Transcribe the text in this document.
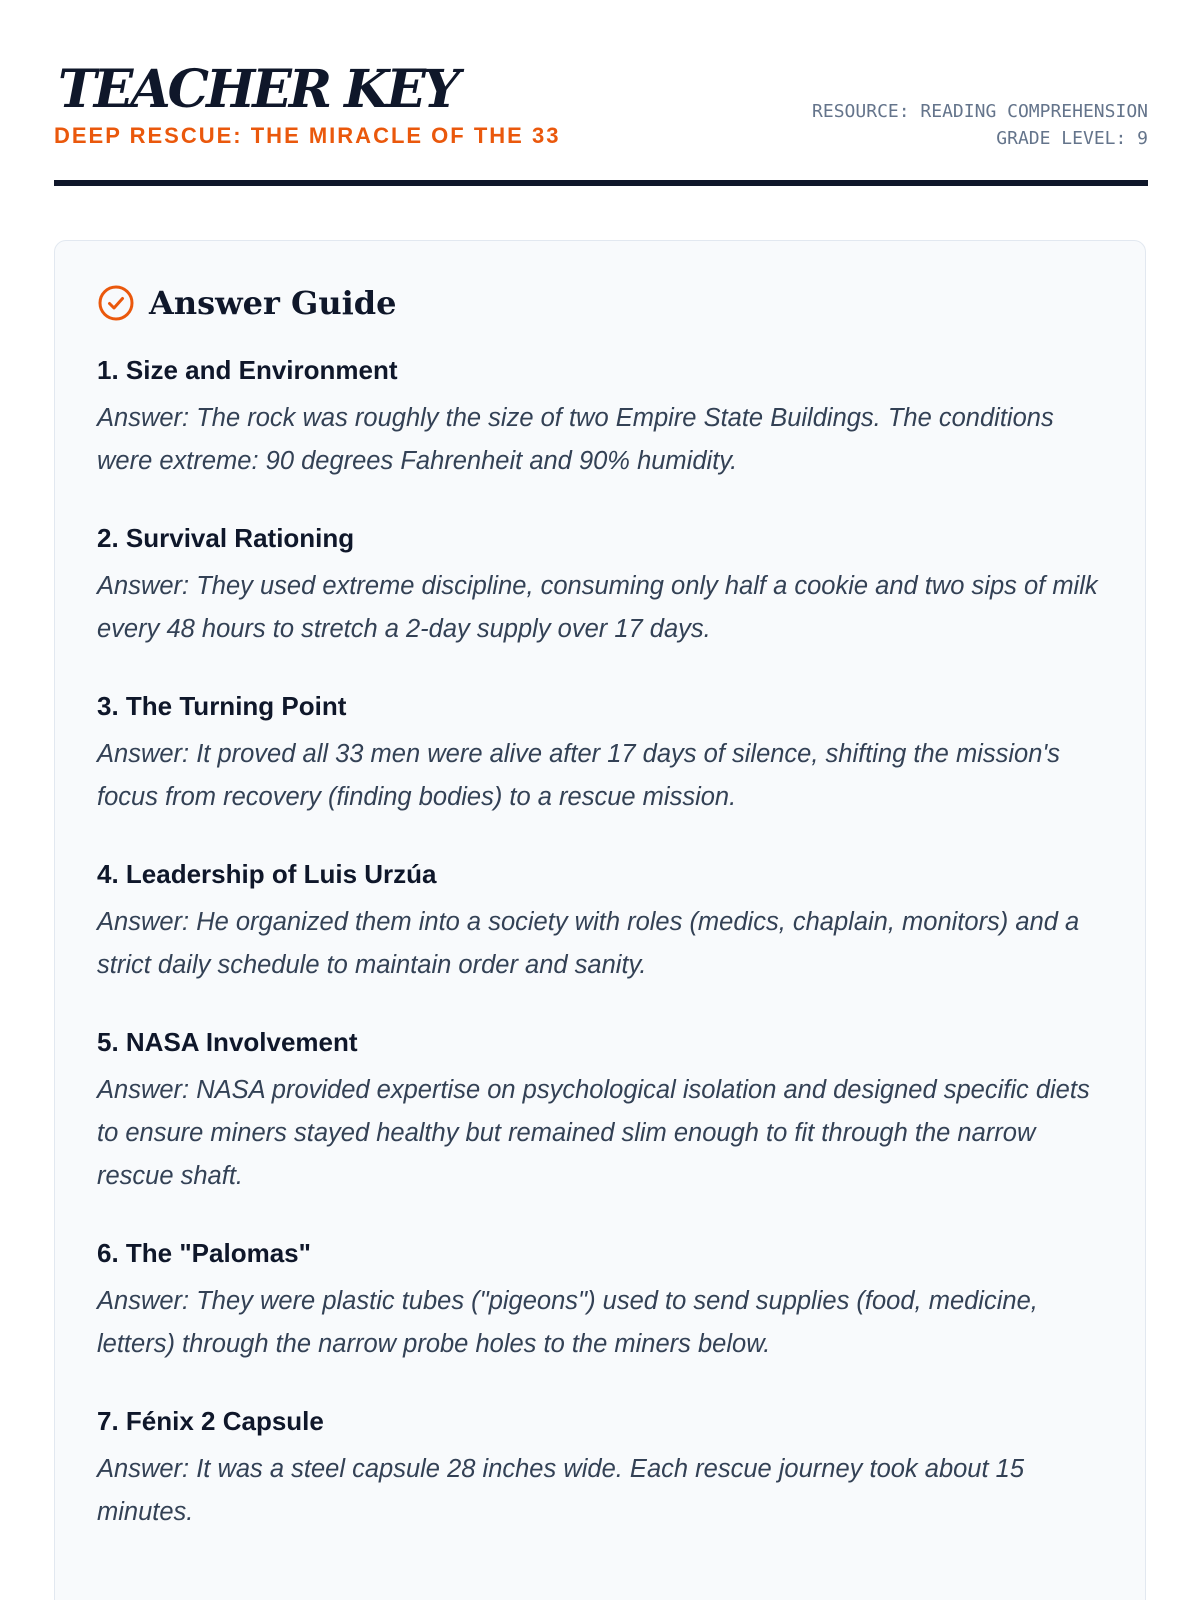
TEACHER KEY
DEEP RESCUE: THE MIRACLE OF THE 33
RESOURCE: READING COMPREHENSION
GRADE LEVEL: 9
Answer Guide
1. Size and Environment

Answer: The rock was roughly the size of two Empire State Buildings. The conditions were extreme: 90 degrees Fahrenheit and 90% humidity.

2. Survival Rationing

Answer: They used extreme discipline, consuming only half a cookie and two sips of milk every 48 hours to stretch a 2-day supply over 17 days.

3. The Turning Point

Answer: It proved all 33 men were alive after 17 days of silence, shifting the mission's focus from recovery (finding bodies) to a rescue mission.

4. Leadership of Luis Urzúa

Answer: He organized them into a society with roles (medics, chaplain, monitors) and a strict daily schedule to maintain order and sanity.

5. NASA Involvement

Answer: NASA provided expertise on psychological isolation and designed specific diets to ensure miners stayed healthy but remained slim enough to fit through the narrow rescue shaft.

6. The "Palomas"

Answer: They were plastic tubes ("pigeons") used to send supplies (food, medicine, letters) through the narrow probe holes to the miners below.

7. Fénix 2 Capsule

Answer: It was a steel capsule 28 inches wide. Each rescue journey took about 15 minutes.
